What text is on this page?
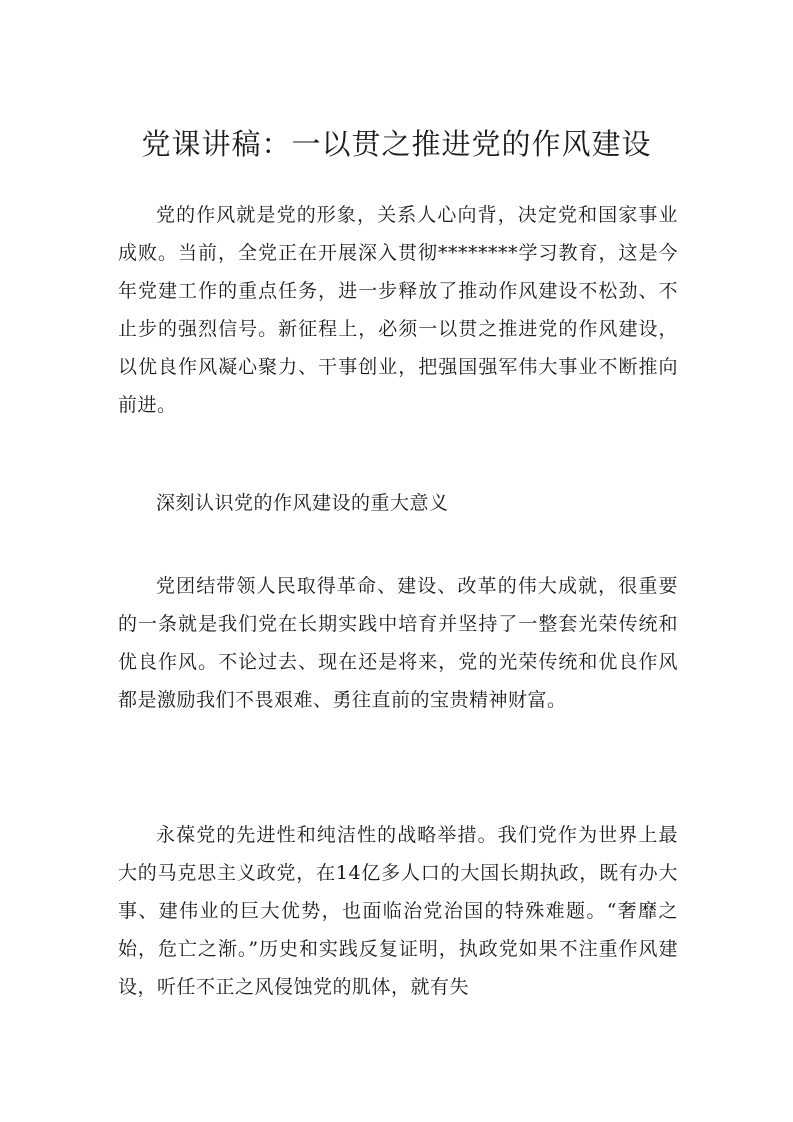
党课讲稿：一以贯之推进党的作风建设

党的作风就是党的形象，关系人心向背，决定党和国家事业成败。当前，全党正在开展深入贯彻********学习教育，这是今年党建工作的重点任务，进一步释放了推动作风建设不松劲、不止步的强烈信号。新征程上，必须一以贯之推进党的作风建设，以优良作风凝心聚力、干事创业，把强国强军伟大事业不断推向前进。

深刻认识党的作风建设的重大意义

党团结带领人民取得革命、建设、改革的伟大成就，很重要的一条就是我们党在长期实践中培育并坚持了一整套光荣传统和优良作风。不论过去、现在还是将来，党的光荣传统和优良作风都是激励我们不畏艰难、勇往直前的宝贵精神财富。

永葆党的先进性和纯洁性的战略举措。我们党作为世界上最大的马克思主义政党，在14亿多人口的大国长期执政，既有办大事、建伟业的巨大优势，也面临治党治国的特殊难题。“奢靡之始，危亡之渐。”历史和实践反复证明，执政党如果不注重作风建设，听任不正之风侵蚀党的肌体，就有失
